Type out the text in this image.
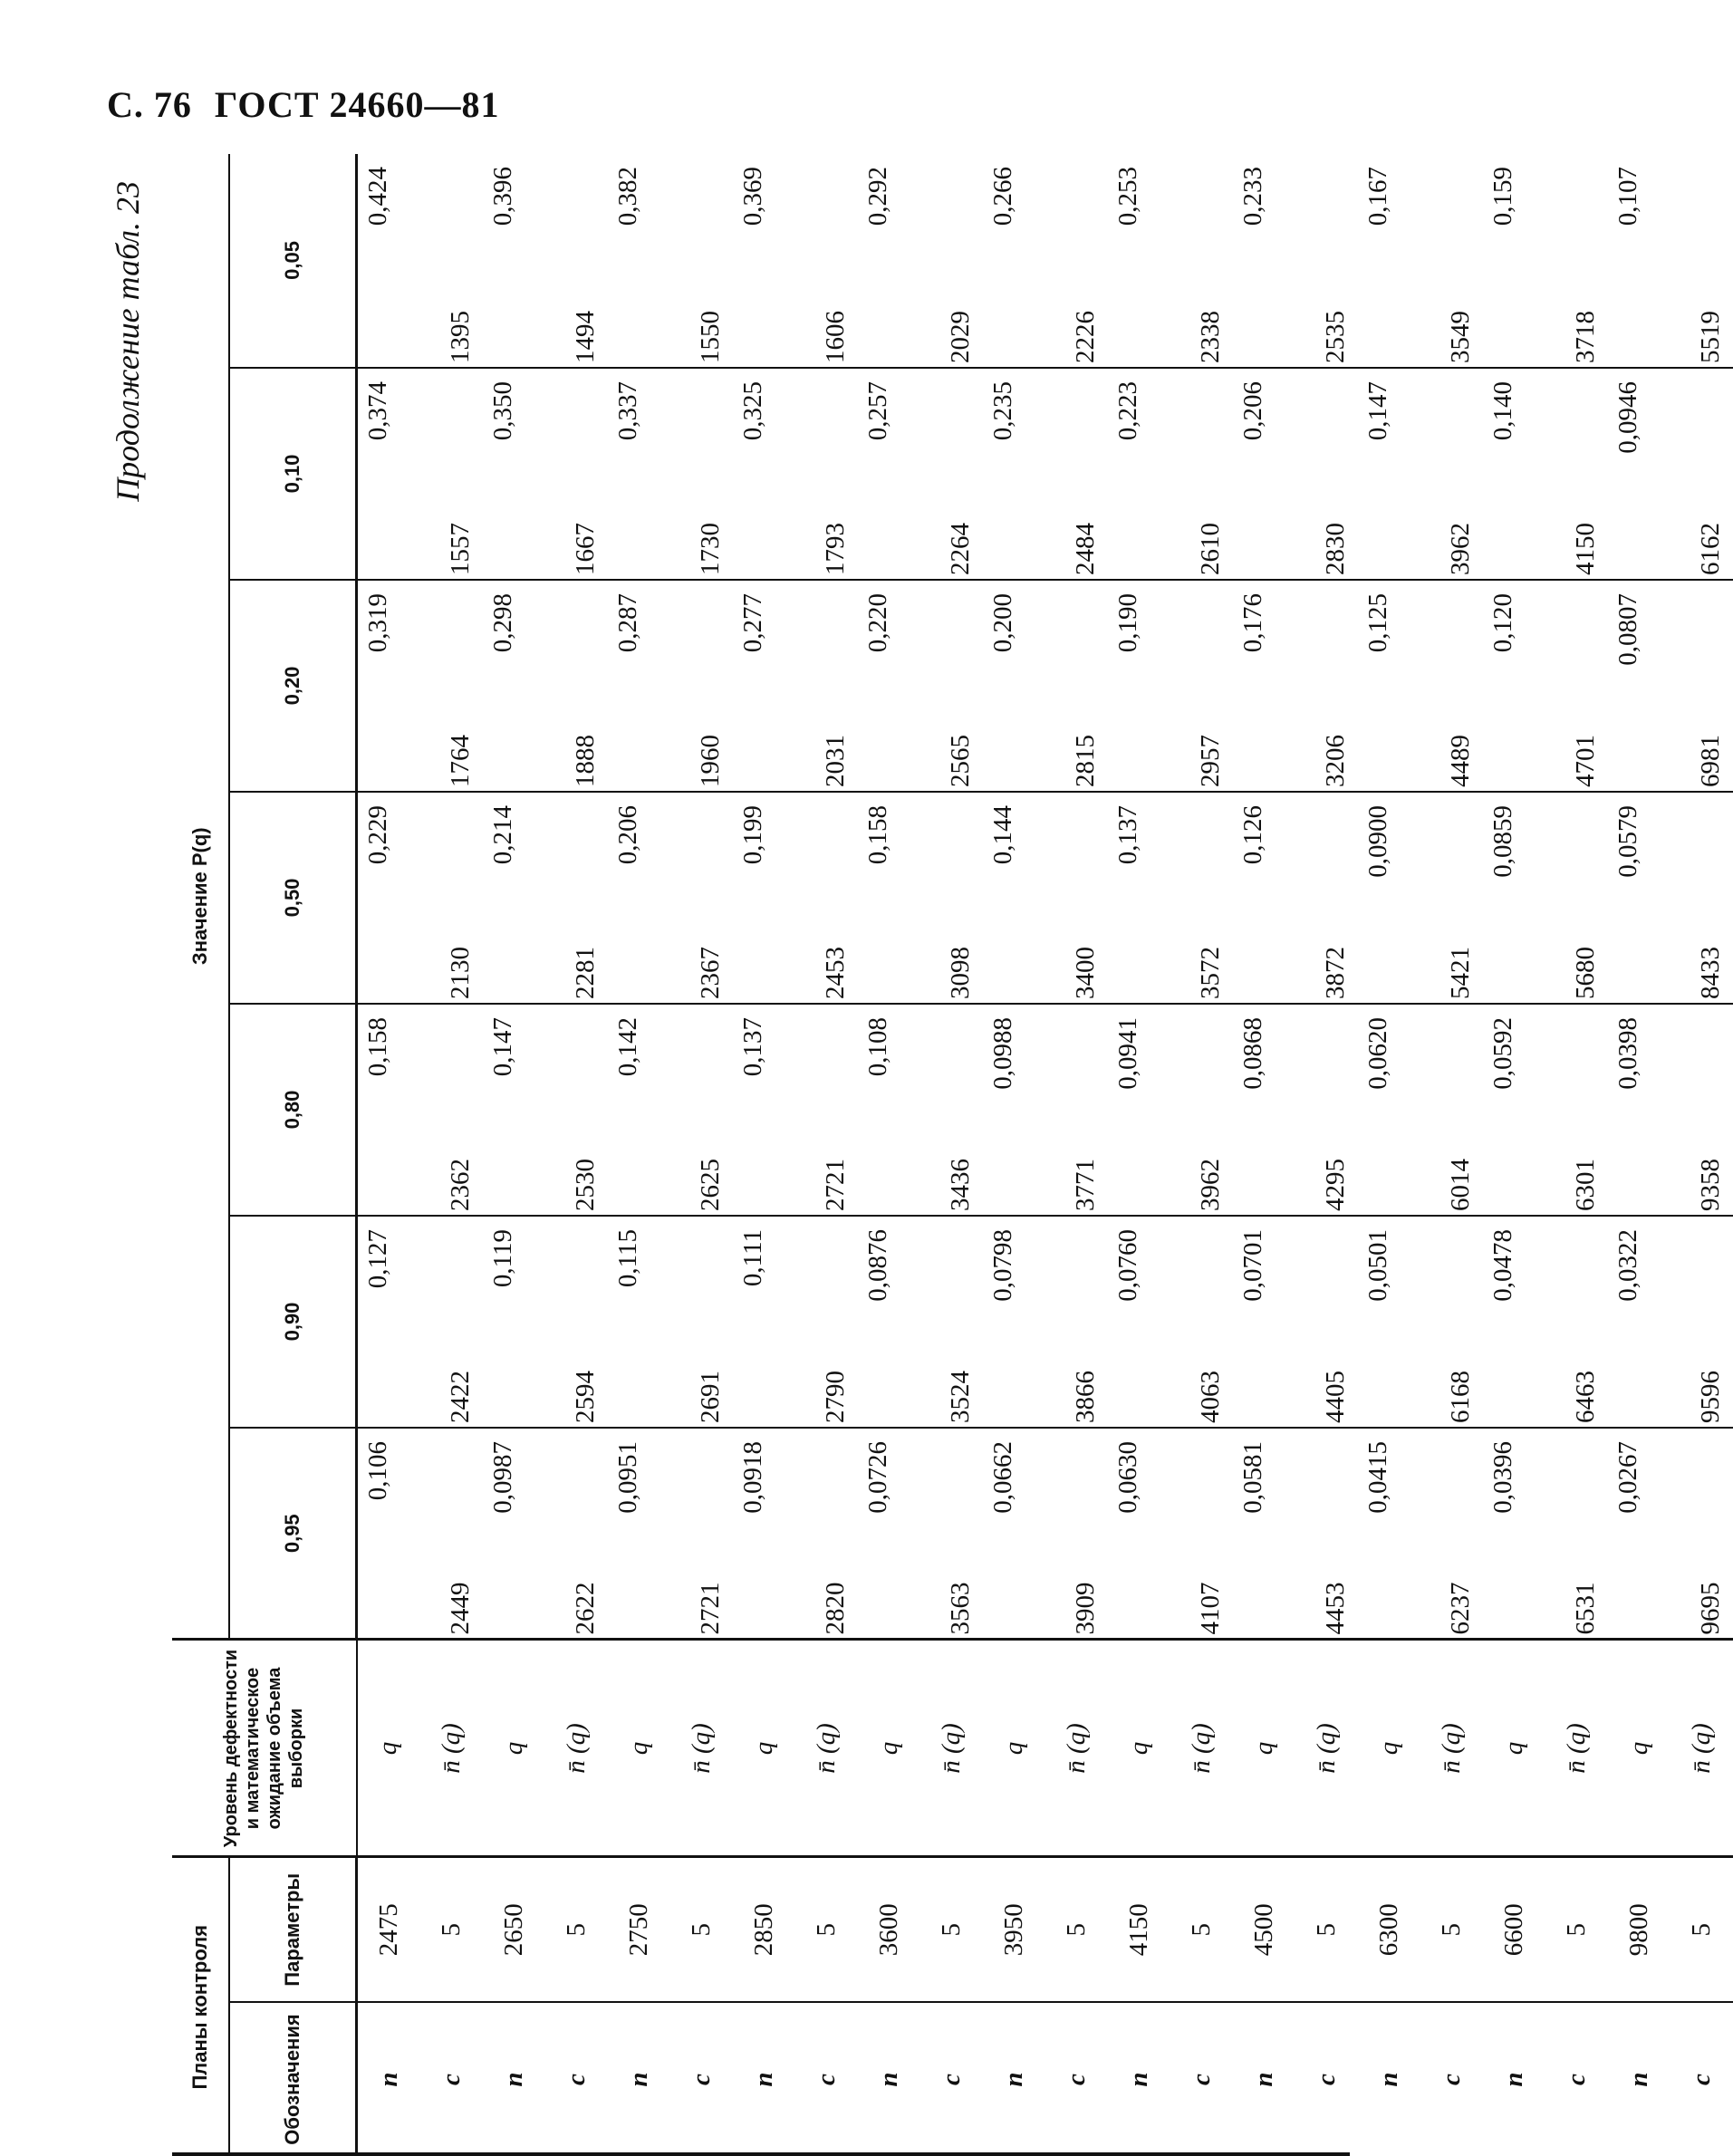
С. 76 ГОСТ 24660—81
Продолжение табл. 23
Планы контроля		Уровень дефектности и математическое ожидание объема выборки	Значение P(q)						
Обозначения	Параметры		0,95	0,90	0,80	0,50	0,20	0,10	0,05
n	2475	q	0,106	0,127	0,158	0,229	0,319	0,374	0,424
c	5	n̄ (q)	2449	2422	2362	2130	1764	1557	1395
n	2650	q	0,0987	0,119	0,147	0,214	0,298	0,350	0,396
c	5	n̄ (q)	2622	2594	2530	2281	1888	1667	1494
n	2750	q	0,0951	0,115	0,142	0,206	0,287	0,337	0,382
c	5	n̄ (q)	2721	2691	2625	2367	1960	1730	1550
n	2850	q	0,0918	0,111	0,137	0,199	0,277	0,325	0,369
c	5	n̄ (q)	2820	2790	2721	2453	2031	1793	1606
n	3600	q	0,0726	0,0876	0,108	0,158	0,220	0,257	0,292
c	5	n̄ (q)	3563	3524	3436	3098	2565	2264	2029
n	3950	q	0,0662	0,0798	0,0988	0,144	0,200	0,235	0,266
c	5	n̄ (q)	3909	3866	3771	3400	2815	2484	2226
n	4150	q	0,0630	0,0760	0,0941	0,137	0,190	0,223	0,253
c	5	n̄ (q)	4107	4063	3962	3572	2957	2610	2338
n	4500	q	0,0581	0,0701	0,0868	0,126	0,176	0,206	0,233
c	5	n̄ (q)	4453	4405	4295	3872	3206	2830	2535
n	6300	q	0,0415	0,0501	0,0620	0,0900	0,125	0,147	0,167
c	5	n̄ (q)	6237	6168	6014	5421	4489	3962	3549
n	6600	q	0,0396	0,0478	0,0592	0,0859	0,120	0,140	0,159
c	5	n̄ (q)	6531	6463	6301	5680	4701	4150	3718
n	9800	q	0,0267	0,0322	0,0398	0,0579	0,0807	0,0946	0,107
c	5	n̄ (q)	9695	9596	9358	8433	6981	6162	5519
